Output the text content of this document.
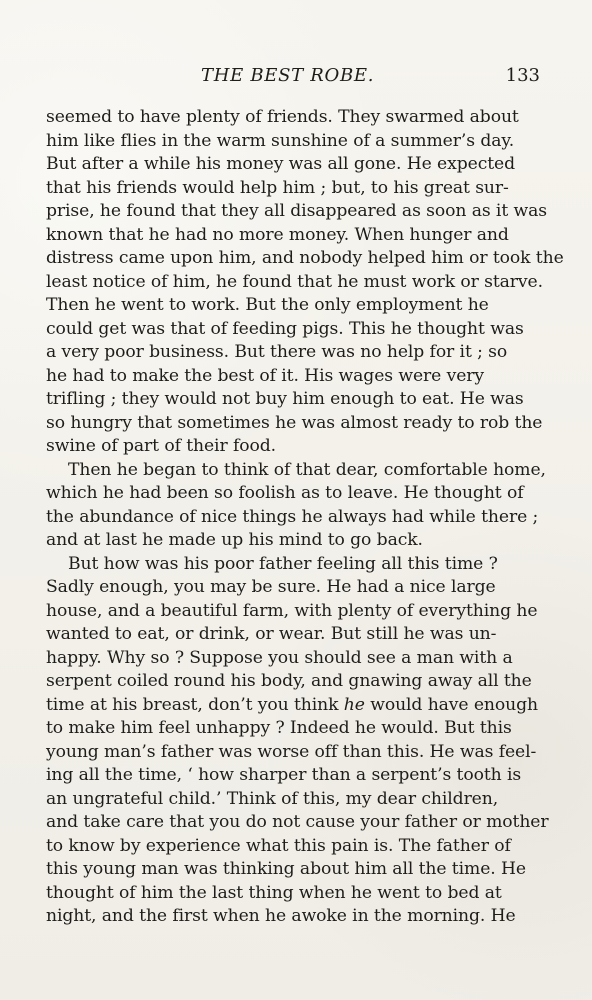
THE BEST ROBE.	133
seemed to have plenty of friends. They swarmed about
him like flies in the warm sunshine of a summer’s day.
But after a while his money was all gone. He expected
that his friends would help him ; but, to his great sur-
prise, he found that they all disappeared as soon as it was
known that he had no more money. When hunger and
distress came upon him, and nobody helped him or took the
least notice of him, he found that he must work or starve.
Then he went to work. But the only employment he
could get was that of feeding pigs. This he thought was
a very poor business. But there was no help for it ; so
he had to make the best of it. His wages were very
trifling ; they would not buy him enough to eat. He was
so hungry that sometimes he was almost ready to rob the
swine of part of their food.
Then he began to think of that dear, comfortable home,
which he had been so foolish as to leave. He thought of
the abundance of nice things he always had while there ;
and at last he made up his mind to go back.
But how was his poor father feeling all this time ?
Sadly enough, you may be sure. He had a nice large
house, and a beautiful farm, with plenty of everything he
wanted to eat, or drink, or wear. But still he was un-
happy. Why so ? Suppose you should see a man with a
serpent coiled round his body, and gnawing away all the
time at his breast, don’t you think he would have enough
to make him feel unhappy ? Indeed he would. But this
young man’s father was worse off than this. He was feel-
ing all the time, ‘ how sharper than a serpent’s tooth is
an ungrateful child.’ Think of this, my dear children,
and take care that you do not cause your father or mother
to know by experience what this pain is. The father of
this young man was thinking about him all the time. He
thought of him the last thing when he went to bed at
night, and the first when he awoke in the morning. He
